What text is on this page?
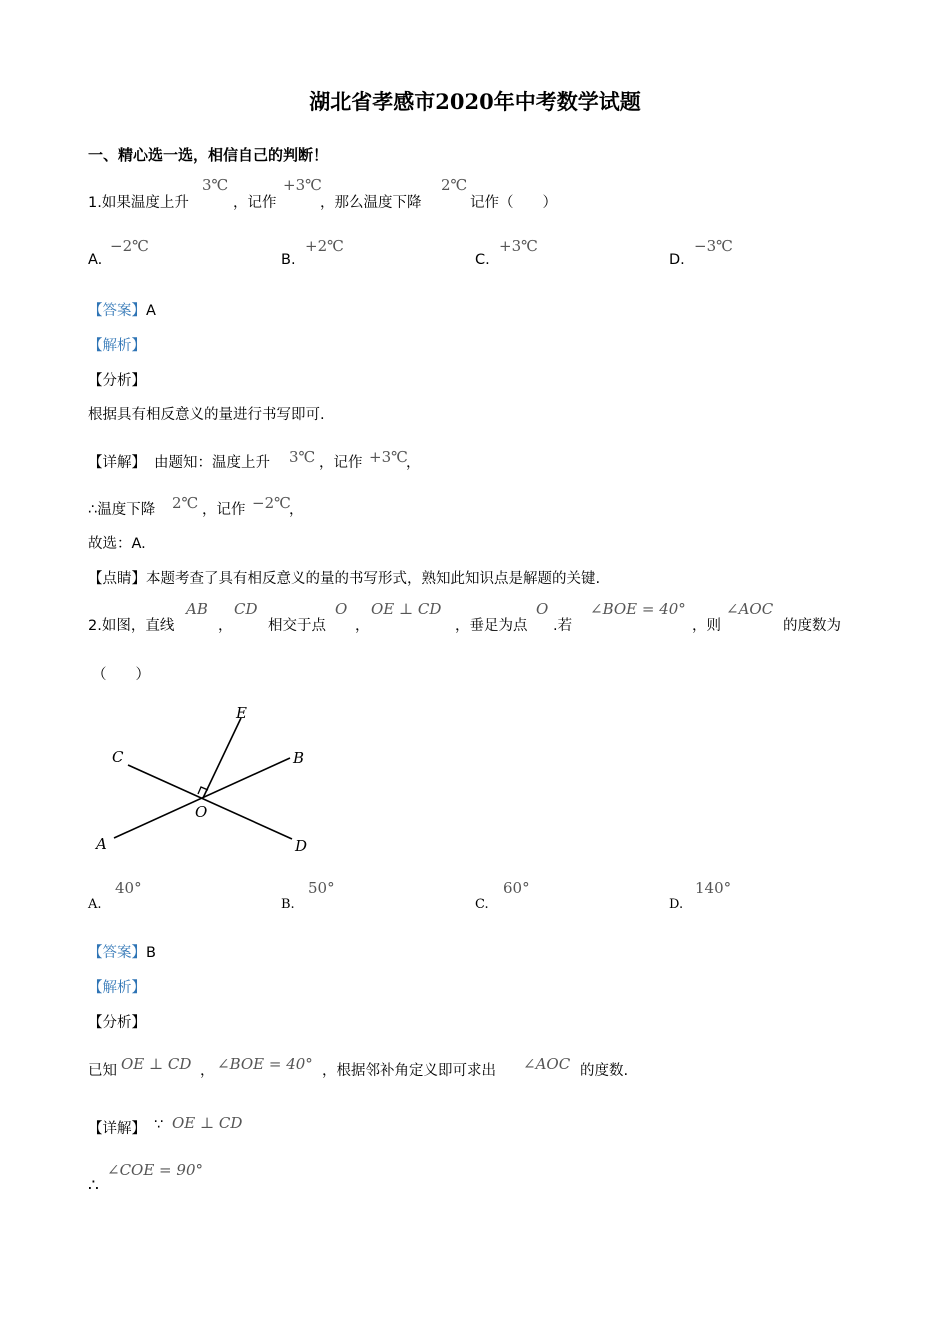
湖北省孝感市2020年中考数学试题
一、精心选一选，相信自己的判断！
1.如果温度上升
3℃
，记作
+3℃
，那么温度下降
2℃
记作（　　）
A.
−2℃
B.
+2℃
C.
+3℃
D.
−3℃
【答案】A
【解析】
【分析】
根据具有相反意义的量进行书写即可.
【详解】 由题知：温度上升 3℃ ，记作 +3℃
，
∴温度下降 2℃ ，记作 −2℃
，
故选：A.
【点睛】本题考查了具有相反意义的量的书写形式，熟知此知识点是解题的关键.
2.如图，直线
AB
，
CD
相交于点
O
，
OE ⊥ CD
，垂足为点
O
.若
∠BOE = 40°
，则
∠AOC
的度数为
（　　）
E
C	B
O
A	D
A.
40°
B.
50°
C.
60°
D.
140°
【答案】B
【解析】
【分析】
已知 OE ⊥ CD ， ∠BOE = 40° ，根据邻补角定义即可求出 ∠AOC 的度数.
【详解】 ∵ OE ⊥ CD
∴
∠COE = 90°
